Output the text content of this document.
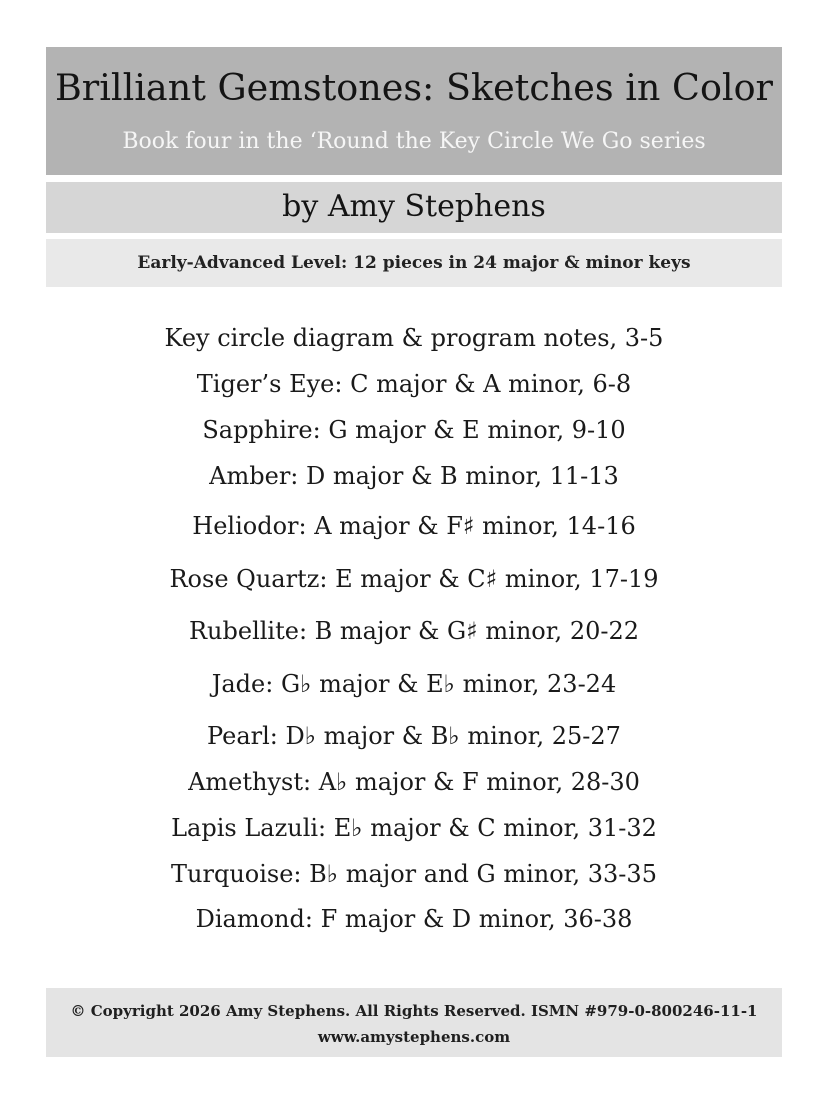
Brilliant Gemstones: Sketches in Color
Book four in the ‘Round the Key Circle We Go series
by Amy Stephens
Early-Advanced Level: 12 pieces in 24 major & minor keys
Key circle diagram & program notes, 3-5
Tiger’s Eye: C major & A minor, 6-8
Sapphire: G major & E minor, 9-10
Amber: D major & B minor, 11-13
Heliodor: A major & F♯ minor, 14-16
Rose Quartz: E major & C♯ minor, 17-19
Rubellite: B major & G♯ minor, 20-22
Jade: G♭ major & E♭ minor, 23-24
Pearl: D♭ major & B♭ minor, 25-27
Amethyst: A♭ major & F minor, 28-30
Lapis Lazuli: E♭ major & C minor, 31-32
Turquoise: B♭ major and G minor, 33-35
Diamond: F major & D minor, 36-38
© Copyright 2026 Amy Stephens. All Rights Reserved. ISMN #979-0-800246-11-1
www.amystephens.com
